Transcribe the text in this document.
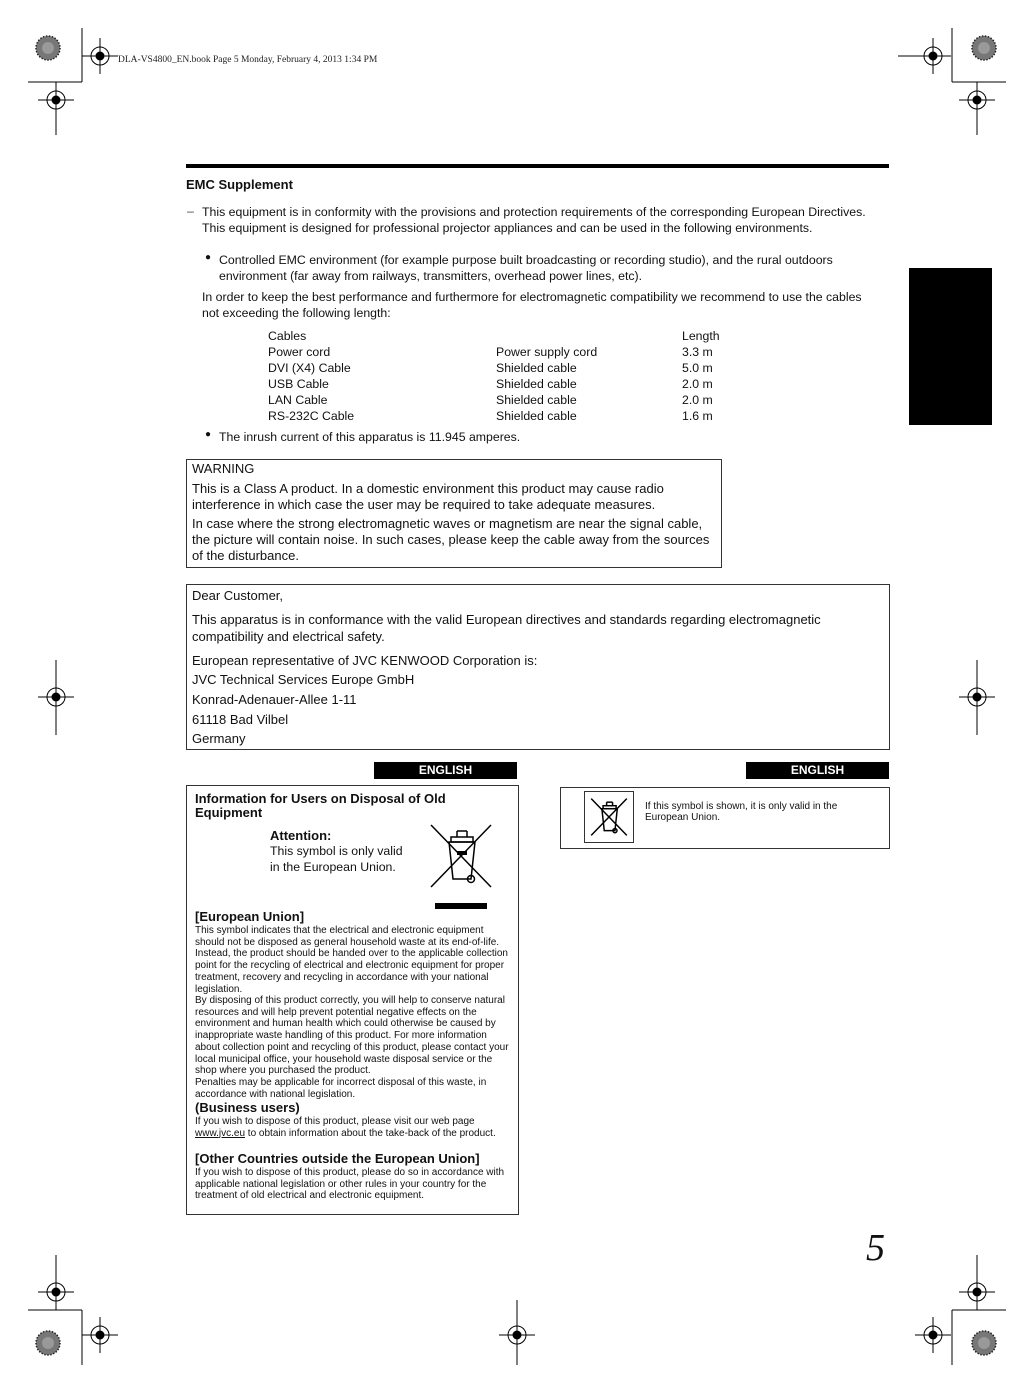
DLA-VS4800_EN.book Page 5 Monday, February 4, 2013 1:34 PM
EMC Supplement
– This equipment is in conformity with the provisions and protection requirements of the corresponding European Directives.
This equipment is designed for professional projector appliances and can be used in the following environments.
● Controlled EMC environment (for example purpose built broadcasting or recording studio), and the rural outdoors environment (far away from railways, transmitters, overhead power lines, etc).
In order to keep the best performance and furthermore for electromagnetic compatibility we recommend to use the cables not exceeding the following length:
Cables		Length
Power cord	Power supply cord	3.3 m
DVI (X4) Cable	Shielded cable	5.0 m
USB Cable	Shielded cable	2.0 m
LAN Cable	Shielded cable	2.0 m
RS-232C Cable	Shielded cable	1.6 m
● The inrush current of this apparatus is 11.945 amperes.
WARNING
This is a Class A product. In a domestic environment this product may cause radio interference in which case the user may be required to take adequate measures.
In case where the strong electromagnetic waves or magnetism are near the signal cable, the picture will contain noise. In such cases, please keep the cable away from the sources of the disturbance.
Dear Customer,
This apparatus is in conformance with the valid European directives and standards regarding electromagnetic compatibility and electrical safety.
European representative of JVC KENWOOD Corporation is:
JVC Technical Services Europe GmbH
Konrad-Adenauer-Allee 1-11
61118 Bad Vilbel
Germany
ENGLISH	ENGLISH
Information for Users on Disposal of Old Equipment
Attention:
This symbol is only valid in the European Union.
[European Union]
This symbol indicates that the electrical and electronic equipment should not be disposed as general household waste at its end-of-life. Instead, the product should be handed over to the applicable collection point for the recycling of electrical and electronic equipment for proper treatment, recovery and recycling in accordance with your national legislation.
By disposing of this product correctly, you will help to conserve natural resources and will help prevent potential negative effects on the environment and human health which could otherwise be caused by inappropriate waste handling of this product. For more information about collection point and recycling of this product, please contact your local municipal office, your household waste disposal service or the shop where you purchased the product.
Penalties may be applicable for incorrect disposal of this waste, in accordance with national legislation.
(Business users)
If you wish to dispose of this product, please visit our web page www.jvc.eu to obtain information about the take-back of the product.
[Other Countries outside the European Union]
If you wish to dispose of this product, please do so in accordance with applicable national legislation or other rules in your country for the treatment of old electrical and electronic equipment.
If this symbol is shown, it is only valid in the European Union.
5
